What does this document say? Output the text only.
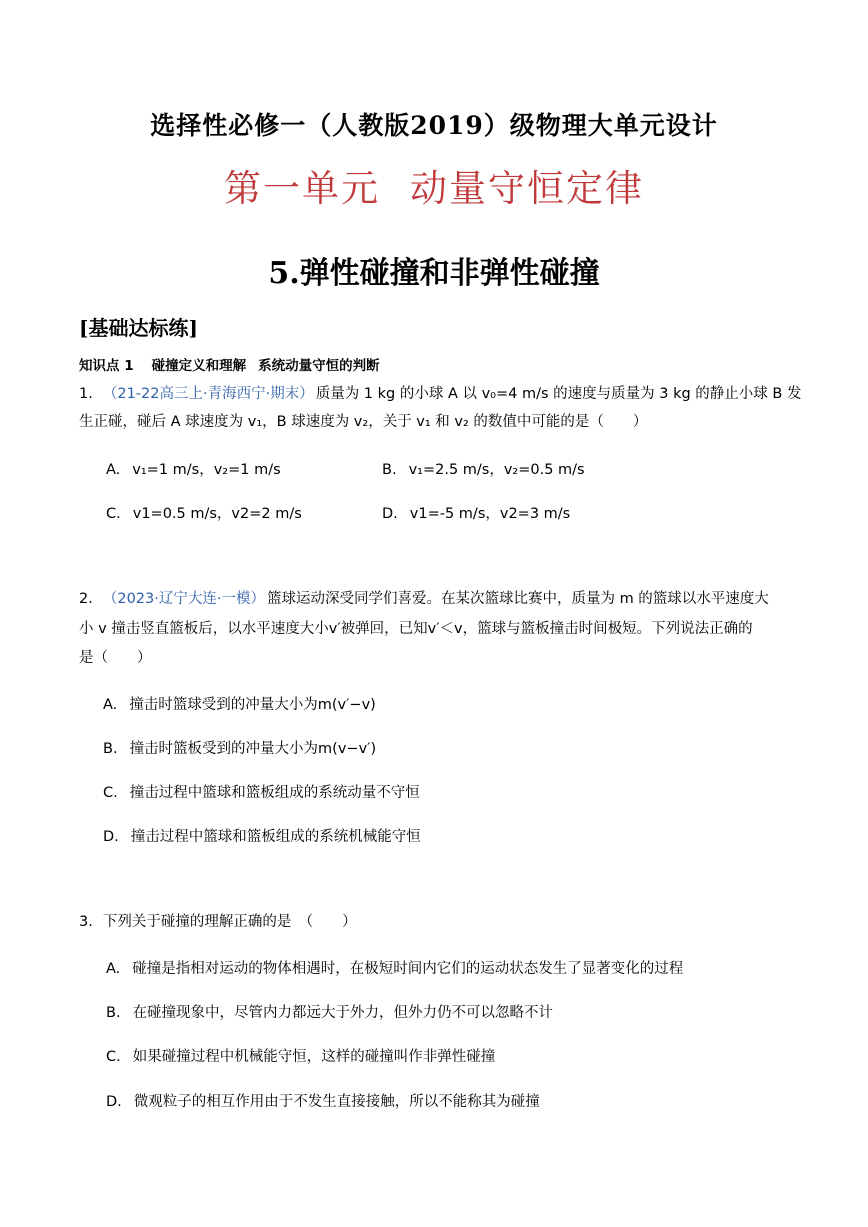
选择性必修一（人教版2019）级物理大单元设计
第一单元 动量守恒定律
5.弹性碰撞和非弹性碰撞
[基础达标练]
知识点 1 碰撞定义和理解 系统动量守恒的判断
1. （21-22高三上·青海西宁·期末） 质量为 1 kg 的小球 A 以 v₀=4 m/s 的速度与质量为 3 kg 的静止小球 B 发
生正碰，碰后 A 球速度为 v₁，B 球速度为 v₂，关于 v₁ 和 v₂ 的数值中可能的是（　　）
A. v₁=1 m/s，v₂=1 m/s	B. v₁=2.5 m/s，v₂=0.5 m/s
C. v1=0.5 m/s，v2=2 m/s	D. v1=-5 m/s，v2=3 m/s
2. （2023·辽宁大连·一模） 篮球运动深受同学们喜爱。在某次篮球比赛中，质量为 m 的篮球以水平速度大
小 v 撞击竖直篮板后，以水平速度大小v′被弹回，已知v′＜v，篮球与篮板撞击时间极短。下列说法正确的
是（　　）
A. 撞击时篮球受到的冲量大小为m(v′−v)
B. 撞击时篮板受到的冲量大小为m(v−v′)
C. 撞击过程中篮球和篮板组成的系统动量不守恒
D. 撞击过程中篮球和篮板组成的系统机械能守恒
3. 下列关于碰撞的理解正确的是　（　　）
A. 碰撞是指相对运动的物体相遇时，在极短时间内它们的运动状态发生了显著变化的过程
B. 在碰撞现象中，尽管内力都远大于外力，但外力仍不可以忽略不计
C. 如果碰撞过程中机械能守恒，这样的碰撞叫作非弹性碰撞
D. 微观粒子的相互作用由于不发生直接接触，所以不能称其为碰撞
